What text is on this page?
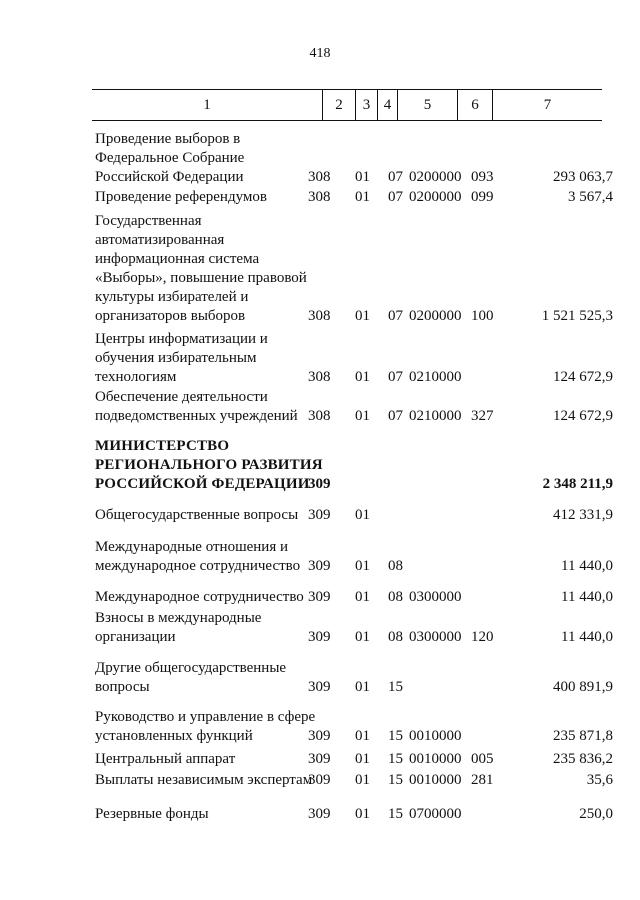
418
1	2	3 4	5	6	7
Проведение выборов в
Федеральное Собрание
Российской Федерации	308 01 07 0200000 093	293 063,7
Проведение референдумов	308 01 07 0200000 099	3 567,4
Государственная
автоматизированная
информационная система
«Выборы», повышение правовой
культуры избирателей и
организаторов выборов	308 01 07 0200000 100	1 521 525,3
Центры информатизации и
обучения избирательным
технологиям	308 01 07 0210000	124 672,9
Обеспечение деятельности
подведомственных учреждений 308 01 07 0210000 327	124 672,9
МИНИСТЕРСТВО
РЕГИОНАЛЬНОГО РАЗВИТИЯ
РОССИЙСКОЙ ФЕДЕРАЦИИ
309	2 348 211,9
Общегосударственные вопросы 309 01	412 331,9
Международные отношения и
международное сотрудничество 309 01 08	11 440,0
Международное сотрудничество 309 01 08 0300000	11 440,0
Взносы в международные
организации	309 01 08 0300000 120	11 440,0
Другие общегосударственные
вопросы	309 01 15	400 891,9
Руководство и управление в сфере
установленных функций	309 01 15 0010000	235 871,8
Центральный аппарат	309 01 15 0010000 005	235 836,2
Выплаты независимым экспертам
309 01 15 0010000 281	35,6
Резервные фонды	309 01 15 0700000	250,0
